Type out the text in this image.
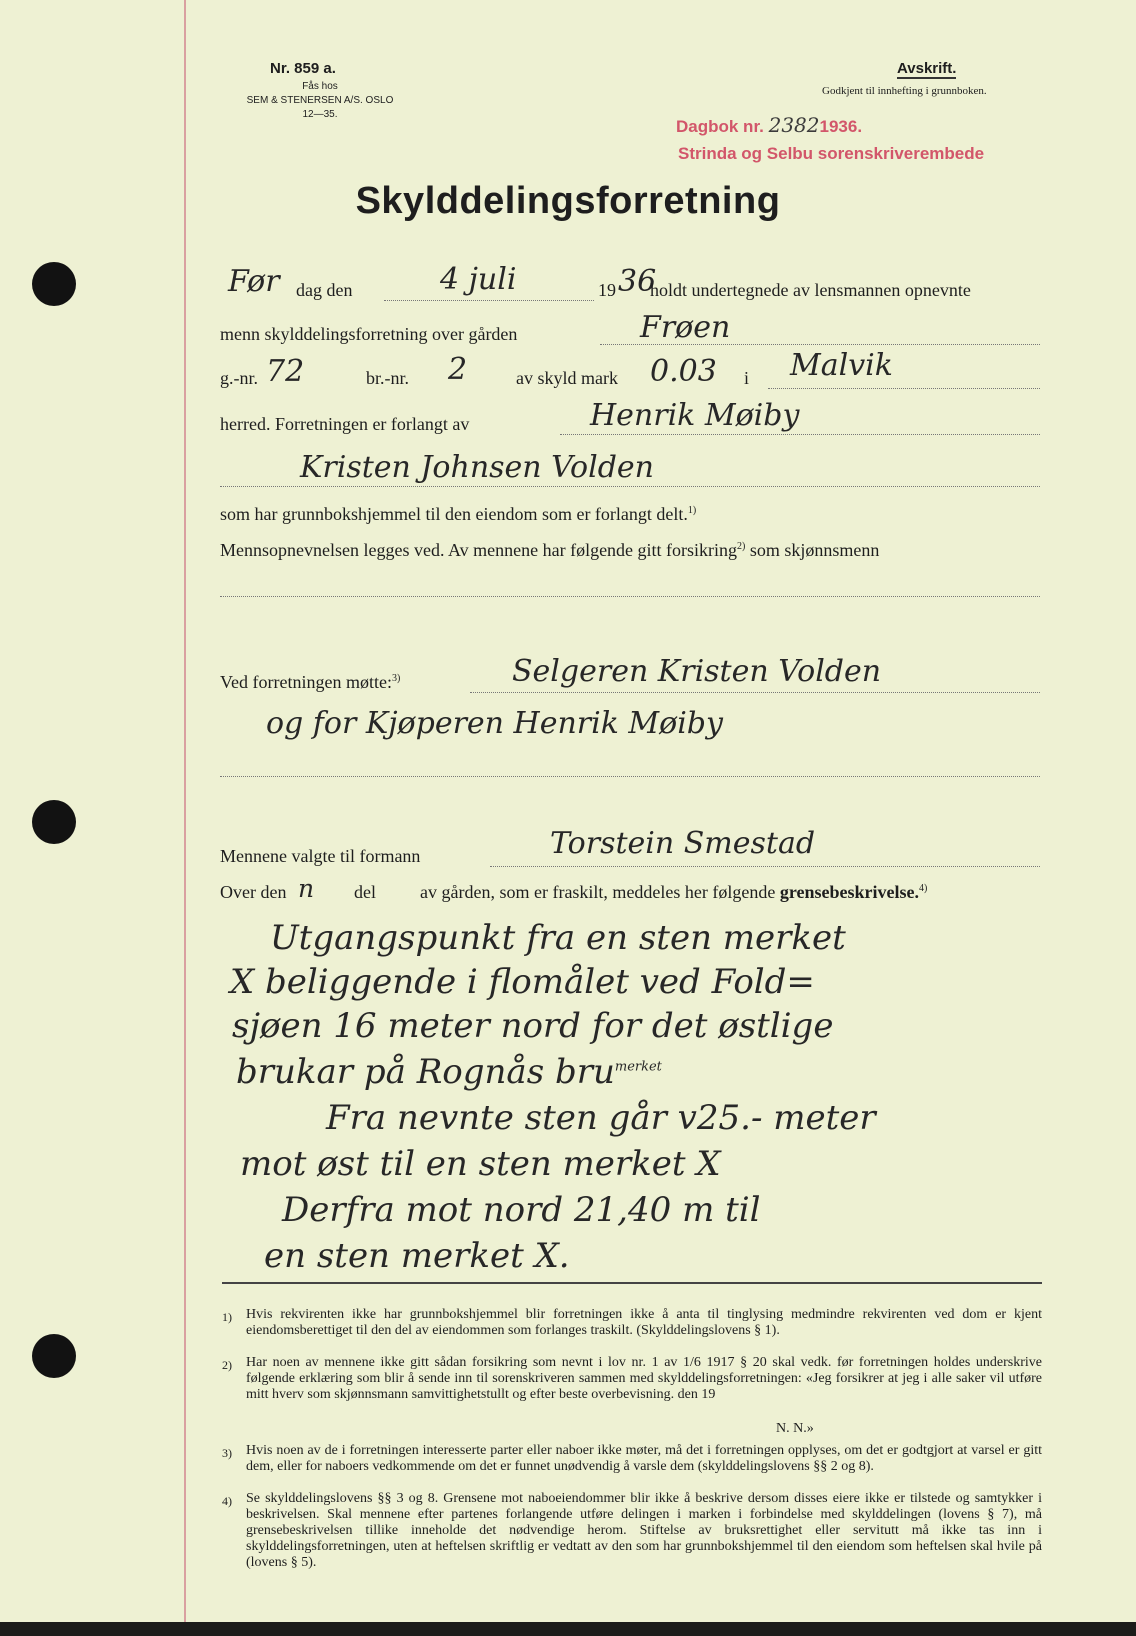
Nr. 859 a.
Fås hos
SEM & STENERSEN A/S. OSLO
12—35.
Avskrift.
Godkjent til innhefting i grunnboken.
Dagbok nr. 23821936.
Strinda og Selbu sorenskriverembede
Skylddelingsforretning
Før dag den	4 juli	19 36
holdt undertegnede av lensmannen opnevnte
menn skylddelingsforretning over gården	Frøen
g.-nr. 72	br.-nr. 2	av skyld mark 0.03 i Malvik
herred. Forretningen er forlangt av	Henrik Møiby
Kristen Johnsen Volden
som har grunnbokshjemmel til den eiendom som er forlangt delt.$^{1)}$
Mennsopnevnelsen legges ved. Av mennene har følgende gitt forsikring$^{2)}$ som skjønnsmenn
Ved forretningen møtte:$^{3)}$	Selgeren Kristen Volden
og for Kjøperen Henrik Møiby
Mennene valgte til formann	Torstein Smestad
Over den n del av gården, som er fraskilt, meddeles her følgende grensebeskrivelse.$^{4)}$
Utgangspunkt fra en sten merket
X beliggende i flomålet ved Fold=
sjøen 16 meter nord for det østlige
brukar på Rognås bru$^{merket}$
Fra nevnte sten går v25.- meter
mot øst til en sten merket X
Derfra mot nord 21,40 m til
en sten merket X.
1) Hvis rekvirenten ikke har grunnbokshjemmel blir forretningen ikke å anta til tinglysing medmindre rekvirenten ved dom er kjent eiendomsberettiget til den del av eiendommen som forlanges traskilt. (Skylddelingslovens § 1).
2) Har noen av mennene ikke gitt sådan forsikring som nevnt i lov nr. 1 av 1/6 1917 § 20 skal vedk. før forretningen holdes underskrive følgende erklæring som blir å sende inn til sorenskriveren sammen med skylddelingsforretningen: «Jeg forsikrer at jeg i alle saker vil utføre mitt hverv som skjønnsmann samvittighetstullt og efter beste overbevisning. den 19
N. N.»
3) Hvis noen av de i forretningen interesserte parter eller naboer ikke møter, må det i forretningen opplyses, om det er godtgjort at varsel er gitt dem, eller for naboers vedkommende om det er funnet unødvendig å varsle dem (skylddelingslovens §§ 2 og 8).
4) Se skylddelingslovens §§ 3 og 8. Grensene mot naboeiendommer blir ikke å beskrive dersom disses eiere ikke er tilstede og samtykker i beskrivelsen. Skal mennene efter partenes forlangende utføre delingen i marken i forbindelse med skylddelingen (lovens § 7), må grensebeskrivelsen tillike inneholde det nødvendige herom. Stiftelse av bruksrettighet eller servitutt må ikke tas inn i skylddelingsforretningen, uten at heftelsen skriftlig er vedtatt av den som har grunnbokshjemmel til den eiendom som heftelsen skal hvile på (lovens § 5).
